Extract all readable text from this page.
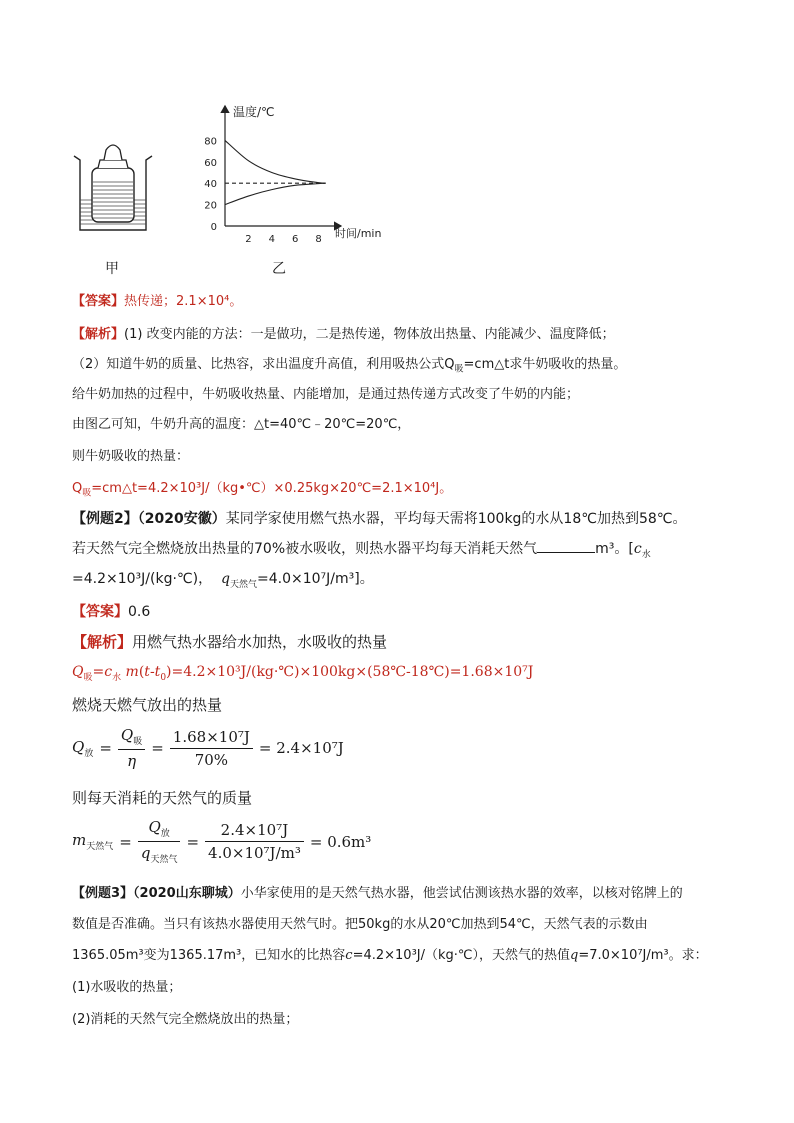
温度/℃
时间/min
0
20
40
60
80
2 4 6 8
甲	乙
【答案】热传递；2.1×10⁴。
【解析】(1) 改变内能的方法：一是做功，二是热传递，物体放出热量、内能减少、温度降低；
（2）知道牛奶的质量、比热容，求出温度升高值，利用吸热公式$Q_吸=cm\triangle t$求牛奶吸收的热量。
给牛奶加热的过程中，牛奶吸收热量、内能增加，是通过热传递方式改变了牛奶的内能；
由图乙可知，牛奶升高的温度：△t=40℃﹣20℃=20℃，
则牛奶吸收的热量：
$Q_吸=cm\triangle t=4.2\times 10^3J/(kg•℃)\times 0.25kg\times 20℃=2.1\times 10^4J$。
【例题2】（2020安徽）某同学家使用燃气热水器，平均每天需将100kg的水从18℃加热到58℃。
若天然气完全燃烧放出热量的70%被水吸收，则热水器平均每天消耗天然气	m³。[$c_水$
=4.2×10³J/(kg·℃)， $q_{天然气}=4.0\times 10^7J/m^3$]。
【答案】0.6
【解析】用燃气热水器给水加热，水吸收的热量
$Q_吸=c_水$ $m(t-t_0)=4.2\times 10^3J/(kg\cdot℃)\times 100kg\times(58℃-18℃)=1.68\times 10^7J$
燃烧天燃气放出的热量
$Q_放 = \frac{Q_吸}{\eta} = \frac{\text{1.68×10⁷J}}{70\%} = 2.4\times 10^7J$
则每天消耗的天然气的质量
$m_{天然气} = \frac{Q_放}{q_{天然气}} = \frac{\text{2.4×10⁷J}}{\text{4.0×10⁷J/m³}} = 0.6m^3$
【例题3】（2020山东聊城）小华家使用的是天然气热水器，他尝试估测该热水器的效率，以核对铭牌上的
数值是否准确。当只有该热水器使用天然气时。把50kg的水从20℃加热到54℃，天然气表的示数由
1365.05m³变为1365.17m³，已知水的比热容c=4.2×10³J/（kg·℃），天然气的热值q=7.0×10⁷J/m³。求：
(1)水吸收的热量；
(2)消耗的天然气完全燃烧放出的热量；
